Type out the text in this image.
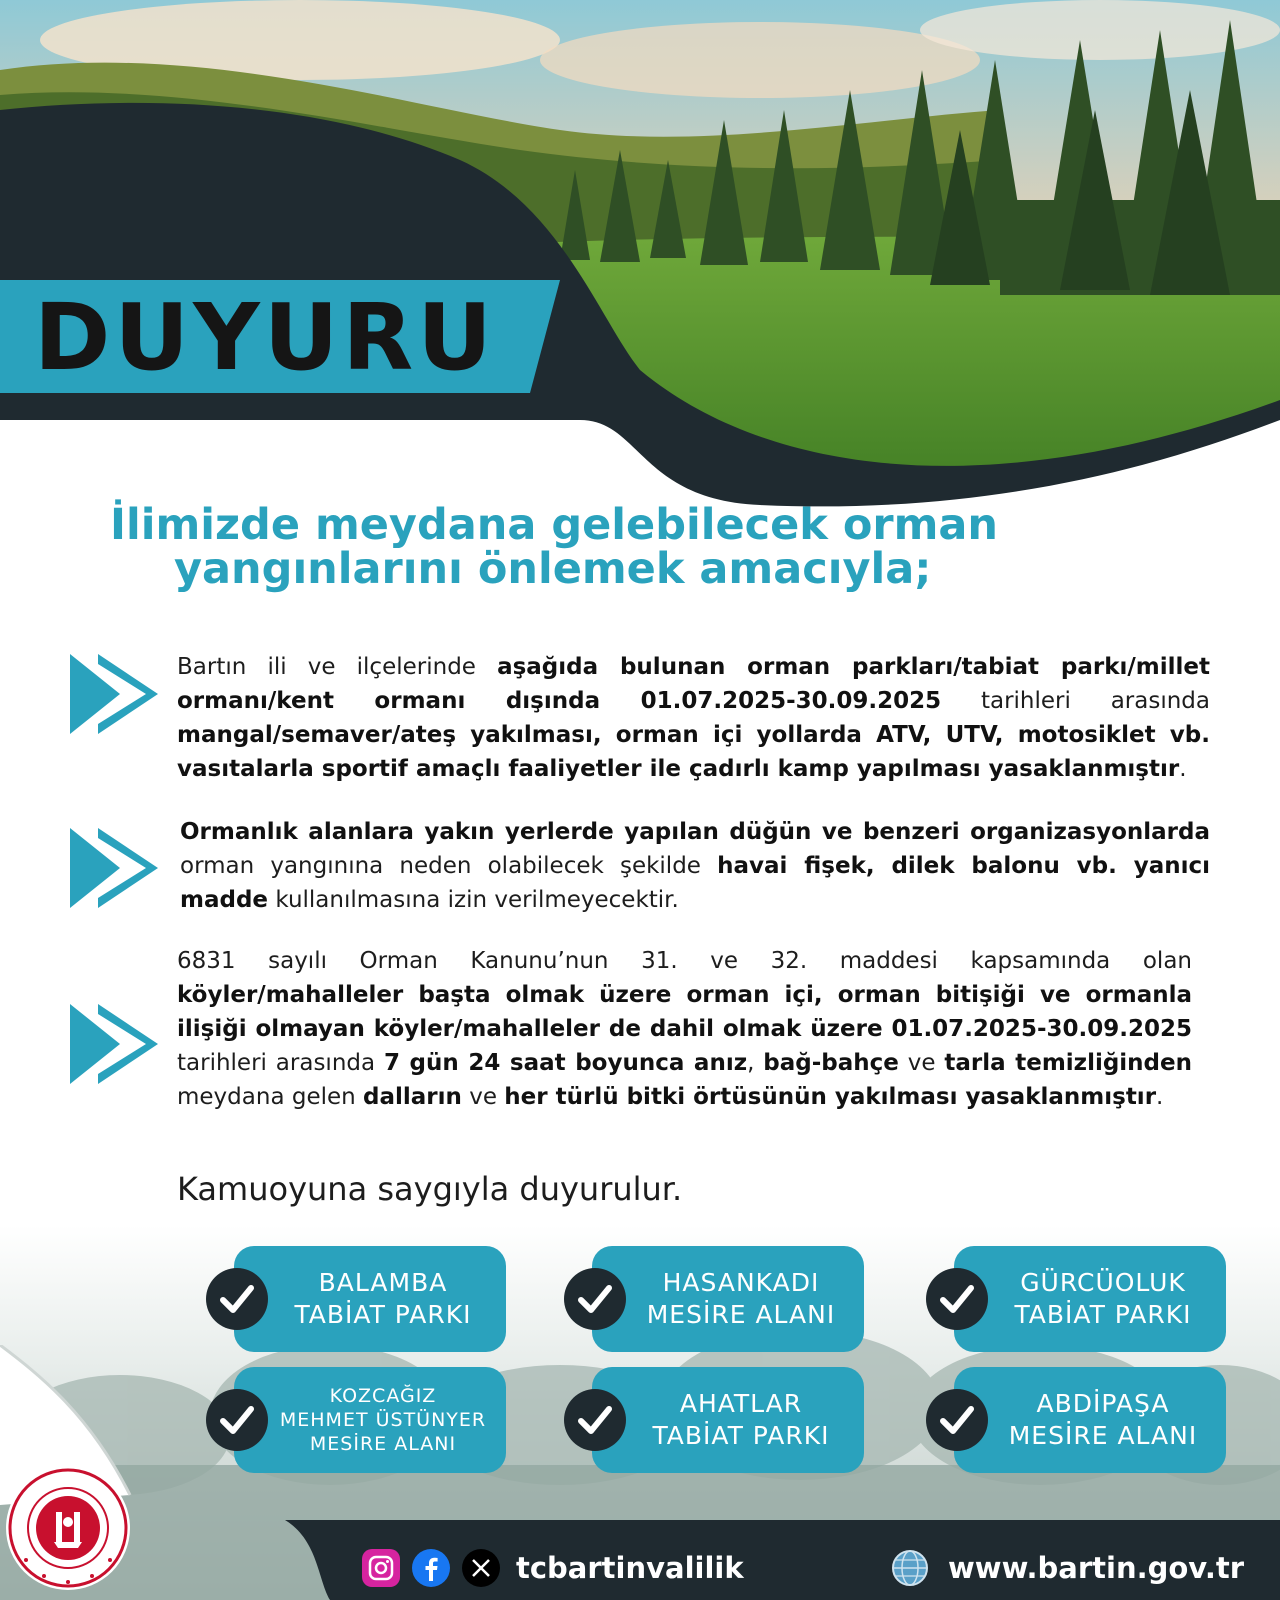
DUYURU
İlimizde meydana gelebilecek orman
yangınlarını önlemek amacıyla;
Bartın ili ve ilçelerinde aşağıda bulunan orman parkları/tabiat parkı/millet ormanı/kent ormanı dışında 01.07.2025-30.09.2025 tarihleri arasında mangal/semaver/ateş yakılması, orman içi yollarda ATV, UTV, motosiklet vb. vasıtalarla sportif amaçlı faaliyetler ile çadırlı kamp yapılması yasaklanmıştır.
Ormanlık alanlara yakın yerlerde yapılan düğün ve benzeri organizasyonlarda orman yangınına neden olabilecek şekilde havai fişek, dilek balonu vb. yanıcı madde kullanılmasına izin verilmeyecektir.
6831 sayılı Orman Kanunu’nun 31. ve 32. maddesi kapsamında olan köyler/mahalleler başta olmak üzere orman içi, orman bitişiği ve ormanla ilişiği olmayan köyler/mahalleler de dahil olmak üzere 01.07.2025-30.09.2025 tarihleri arasında 7 gün 24 saat boyunca anız, bağ-bahçe ve tarla temizliğinden meydana gelen dalların ve her türlü bitki örtüsünün yakılması yasaklanmıştır.
Kamuoyuna saygıyla duyurulur.
BALAMBA
TABİAT PARKI
HASANKADI
MESİRE ALANI
GÜRCÜOLUK
TABİAT PARKI
KOZCAĞIZ
MEHMET ÜSTÜNYER
MESİRE ALANI
AHATLAR
TABİAT PARKI
ABDİPAŞA
MESİRE ALANI
tcbartinvalilik	www.bartin.gov.tr
